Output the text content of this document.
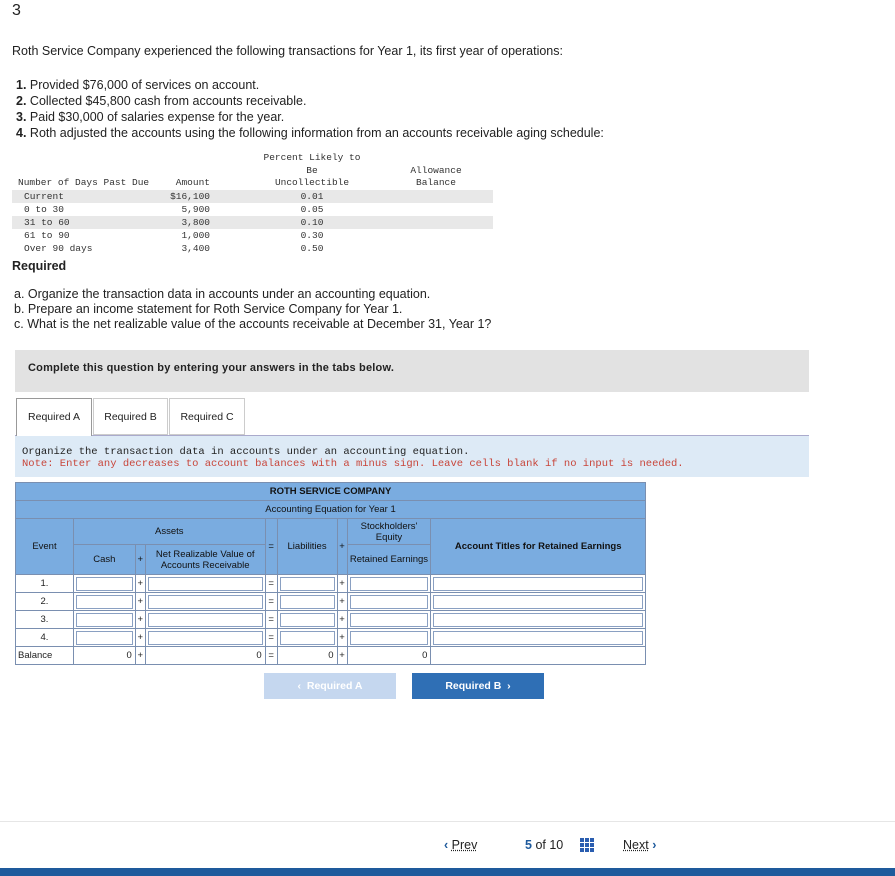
3
Roth Service Company experienced the following transactions for Year 1, its first year of operations:
1. Provided $76,000 of services on account.
2. Collected $45,800 cash from accounts receivable.
3. Paid $30,000 of salaries expense for the year.
4. Roth adjusted the accounts using the following information from an accounts receivable aging schedule:
Number of Days Past Due	Amount		Percent Likely to Be
Uncollectible	Allowance
Balance
Current	$16,100		0.01	
0 to 30	5,900		0.05	
31 to 60	3,800		0.10	
61 to 90	1,000		0.30	
Over 90 days	3,400		0.50	
Required
a. Organize the transaction data in accounts under an accounting equation.
b. Prepare an income statement for Roth Service Company for Year 1.
c. What is the net realizable value of the accounts receivable at December 31, Year 1?
Complete this question by entering your answers in the tabs below.
Required A	Required B	Required C
Organize the transaction data in accounts under an accounting equation.
Note: Enter any decreases to account balances with a minus sign. Leave cells blank if no input is needed.
ROTH SERVICE COMPANY								
Accounting Equation for Year 1								
Event	Assets			=	Liabilities	+	Stockholders' Equity	Account Titles for Retained Earnings
	Cash	+	Net Realizable Value of Accounts Receivable				Retained Earnings	
1.		+		=		+		
2.		+		=		+		
3.		+		=		+		
4.		+		=		+		
Balance	0	+	0	=	0	+	0	
‹ Required A	Required B ›
‹ Prev	5 of 10	Next ›
